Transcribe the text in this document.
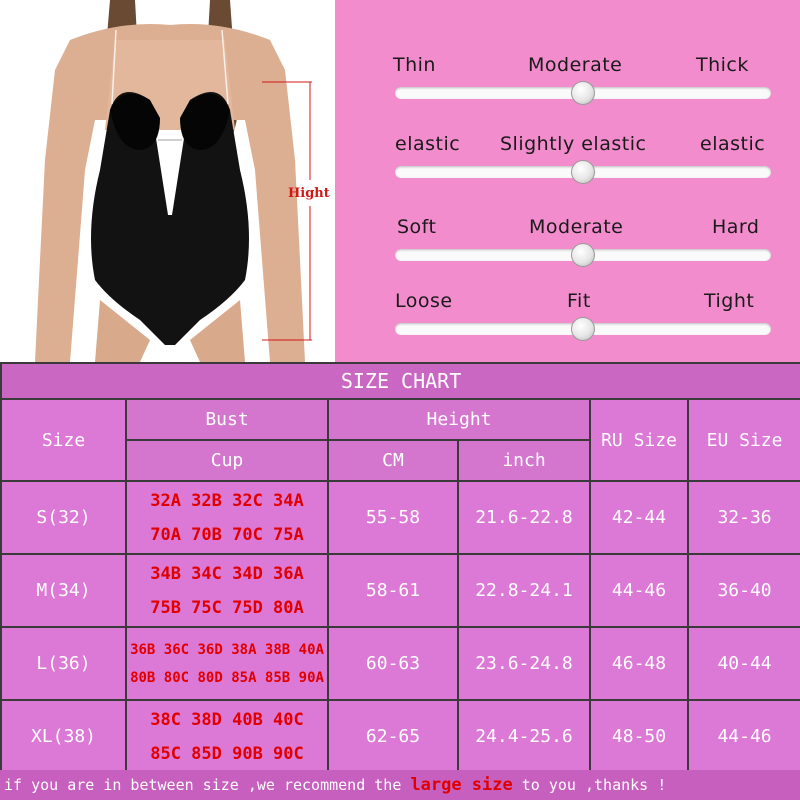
Hight
Thin	Moderate	Thick
elastic Slightly elastic	elastic
Soft	Moderate	Hard
Loose	Fit	Tight
SIZE CHART					
Size	Bust	Height		RU Size	EU Size
	Cup	CM	inch		
S(32)	32A 32B 32C 34A
70A 70B 70C 75A	55-58	21.6-22.8	42-44	32-36
M(34)	34B 34C 34D 36A
75B 75C 75D 80A	58-61	22.8-24.1	44-46	36-40
L(36)	36B 36C 36D 38A 38B 40A
80B 80C 80D 85A 85B 90A	60-63	23.6-24.8	46-48	40-44
XL(38)	38C 38D 40B 40C
85C 85D 90B 90C	62-65	24.4-25.6	48-50	44-46
if you are in between size ,we recommend the large size to you ,thanks !
